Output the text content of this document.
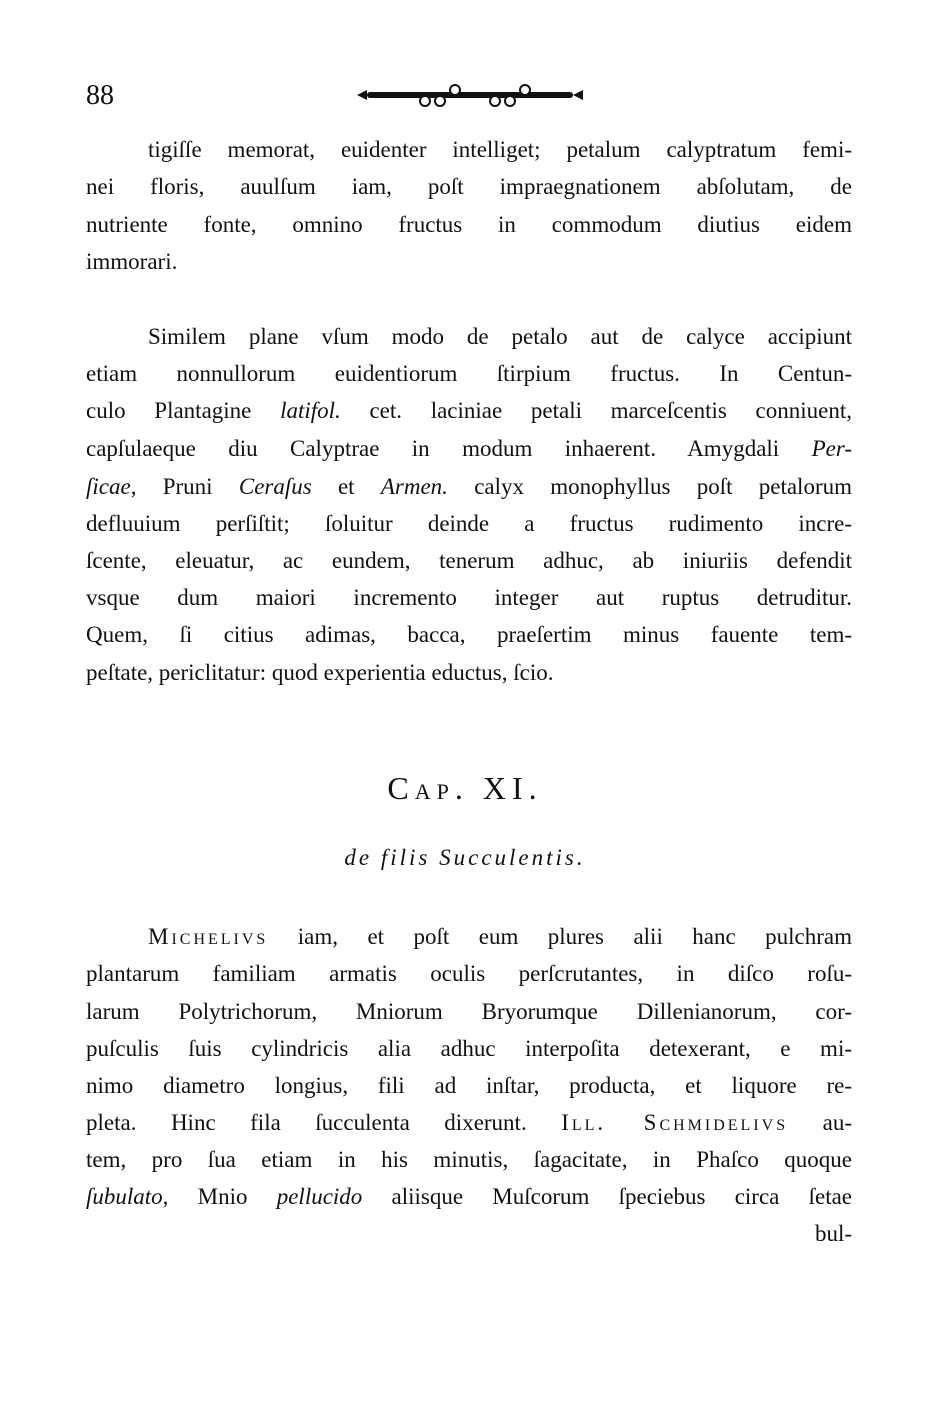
88
tigiſſe memorat, euidenter intelliget; petalum calyptratum femi-
nei floris, auulſum iam, poſt impraegnationem abſolutam, de
nutriente fonte, omnino fructus in commodum diutius eidem
immorari.
Similem plane vſum modo de petalo aut de calyce accipiunt
etiam nonnullorum euidentiorum ſtirpium fructus. In Centun-
culo Plantagine latifol. cet. laciniae petali marceſcentis conniuent,
capſulaeque diu Calyptrae in modum inhaerent. Amygdali Per-
ſicae, Pruni Ceraſus et Armen. calyx monophyllus poſt petalorum
defluuium perſiſtit; ſoluitur deinde a fructus rudimento incre-
ſcente, eleuatur, ac eundem, tenerum adhuc, ab iniuriis defendit
vsque dum maiori incremento integer aut ruptus detruditur.
Quem, ſi citius adimas, bacca, praeſertim minus fauente tem-
peſtate, periclitatur: quod experientia eductus, ſcio.
Michelivs iam, et poſt eum plures alii hanc pulchram
plantarum familiam armatis oculis perſcrutantes, in diſco roſu-
larum Polytrichorum, Mniorum Bryorumque Dillenianorum, cor-
puſculis ſuis cylindricis alia adhuc interpoſita detexerant, e mi-
nimo diametro longius, fili ad inſtar, producta, et liquore re-
pleta. Hinc fila ſucculenta dixerunt. Ill. Schmidelivs au-
tem, pro ſua etiam in his minutis, ſagacitate, in Phaſco quoque
ſubulato, Mnio pellucido aliisque Muſcorum ſpeciebus circa ſetae
bul-
Cap. XI.
de filis Succulentis.
